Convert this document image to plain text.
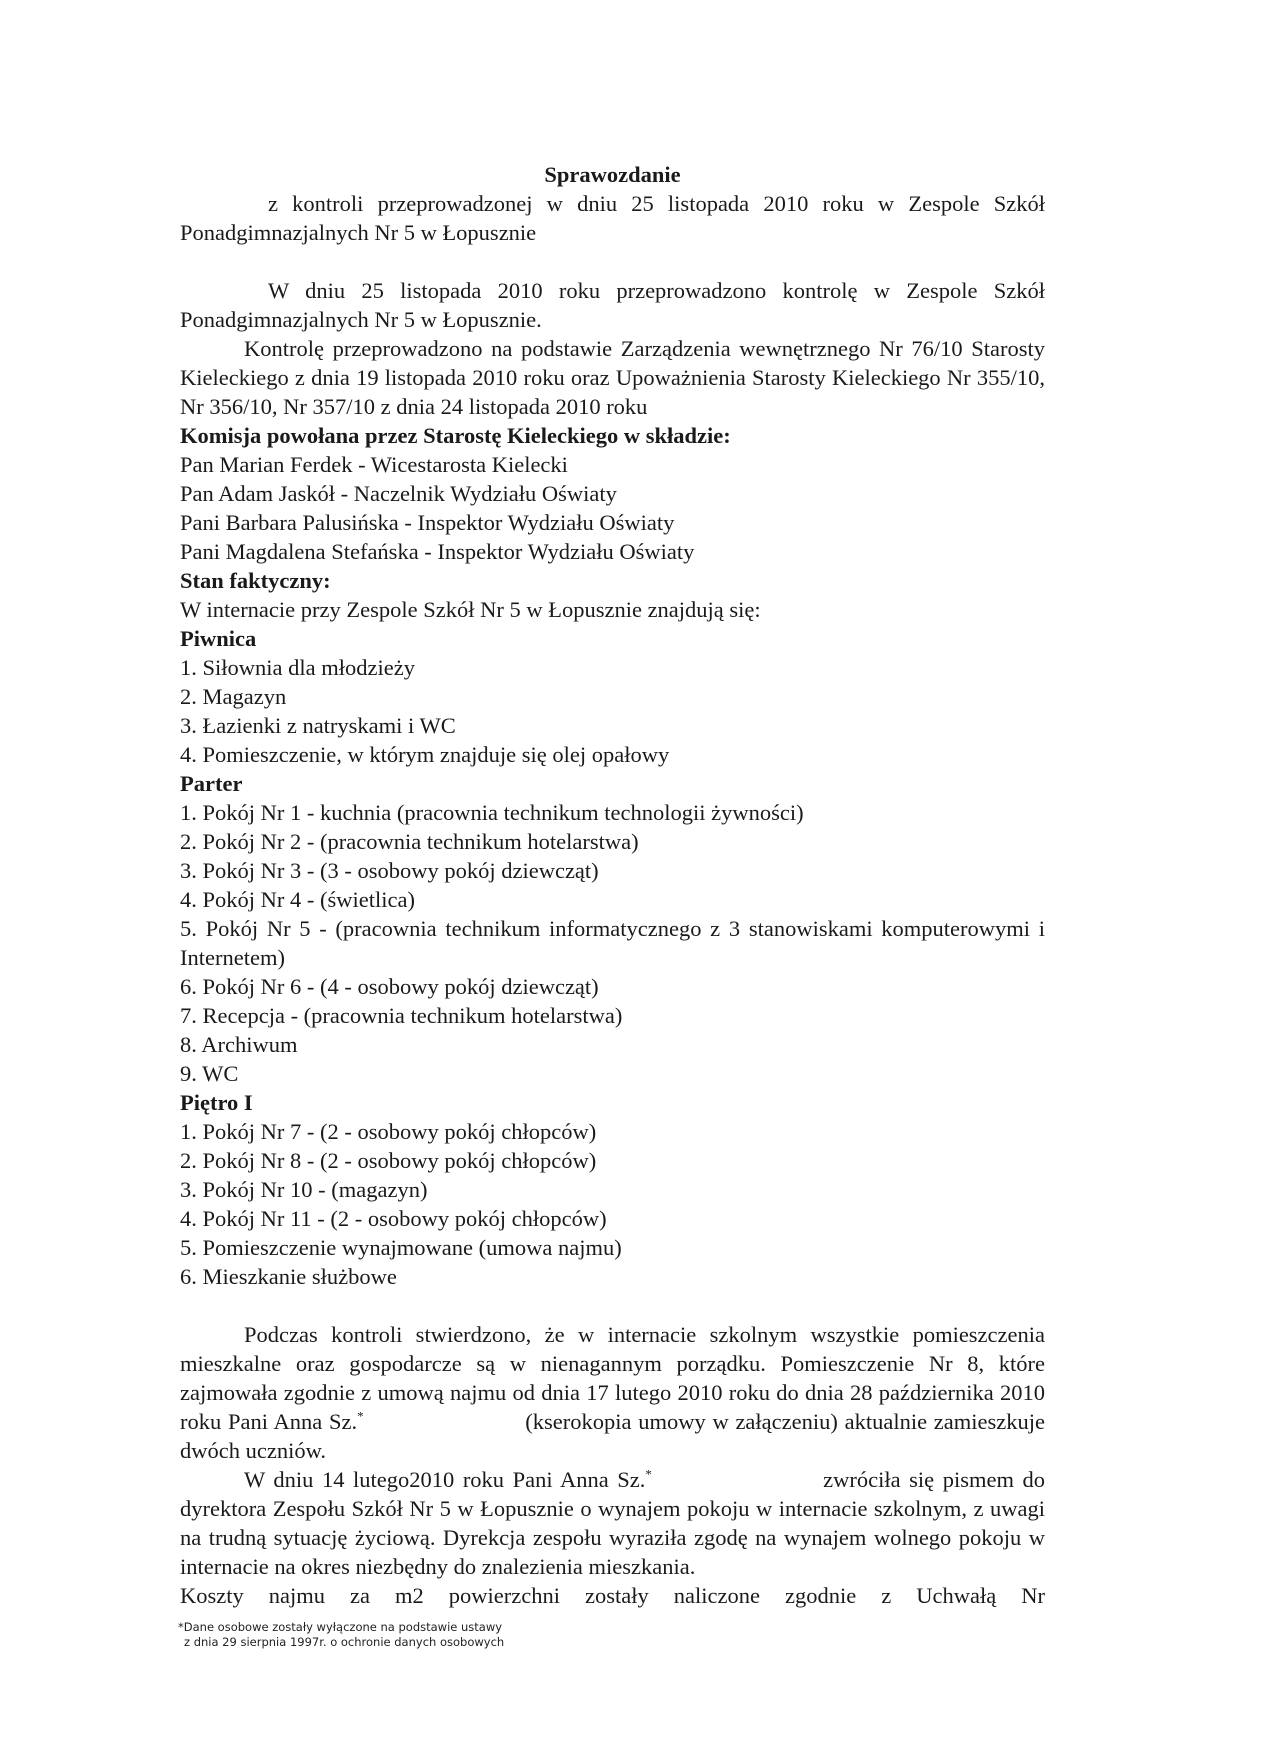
Sprawozdanie

z kontroli przeprowadzonej w dniu 25 listopada 2010 roku w Zespole Szkół

Ponadgimnazjalnych Nr 5 w Łopusznie

W dniu 25 listopada 2010 roku przeprowadzono kontrolę w Zespole Szkół Ponadgimnazjalnych Nr 5 w Łopusznie.

Kontrolę przeprowadzono na podstawie Zarządzenia wewnętrznego Nr 76/10 Starosty Kieleckiego z dnia 19 listopada 2010 roku oraz Upoważnienia Starosty Kieleckiego Nr 355/10, Nr 356/10, Nr 357/10 z dnia 24 listopada 2010 roku

Komisja powołana przez Starostę Kieleckiego w składzie:

Pan Marian Ferdek - Wicestarosta Kielecki

Pan Adam Jaskół - Naczelnik Wydziału Oświaty

Pani Barbara Palusińska - Inspektor Wydziału Oświaty

Pani Magdalena Stefańska - Inspektor Wydziału Oświaty

Stan faktyczny:

W internacie przy Zespole Szkół Nr 5 w Łopusznie znajdują się:

Piwnica

1. Siłownia dla młodzieży

2. Magazyn

3. Łazienki z natryskami i WC

4. Pomieszczenie, w którym znajduje się olej opałowy

Parter

1. Pokój Nr 1 - kuchnia (pracownia technikum technologii żywności)

2. Pokój Nr 2 - (pracownia technikum hotelarstwa)

3. Pokój Nr 3 - (3 - osobowy pokój dziewcząt)

4. Pokój Nr 4 - (świetlica)

5. Pokój Nr 5 - (pracownia technikum informatycznego z 3 stanowiskami komputerowymi i Internetem)

6. Pokój Nr 6 - (4 - osobowy pokój dziewcząt)

7. Recepcja - (pracownia technikum hotelarstwa)

8. Archiwum

9. WC

Piętro I

1. Pokój Nr 7 - (2 - osobowy pokój chłopców)

2. Pokój Nr 8 - (2 - osobowy pokój chłopców)

3. Pokój Nr 10 - (magazyn)

4. Pokój Nr 11 - (2 - osobowy pokój chłopców)

5. Pomieszczenie wynajmowane (umowa najmu)

6. Mieszkanie służbowe

Podczas kontroli stwierdzono, że w internacie szkolnym wszystkie pomieszczenia mieszkalne oraz gospodarcze są w nienagannym porządku. Pomieszczenie Nr 8, które zajmowała zgodnie z umową najmu od dnia 17 lutego 2010 roku do dnia 28 października 2010 roku Pani Anna Sz.*	(kserokopia umowy w załączeniu) aktualnie zamieszkuje dwóch uczniów.

W dniu 14 lutego2010 roku Pani Anna Sz.*	zwróciła się pismem do dyrektora Zespołu Szkół Nr 5 w Łopusznie o wynajem pokoju w internacie szkolnym, z uwagi na trudną sytuację życiową. Dyrekcja zespołu wyraziła zgodę na wynajem wolnego pokoju w internacie na okres niezbędny do znalezienia mieszkania.

Koszty najmu za m2 powierzchni zostały naliczone zgodnie z Uchwałą Nr

*Dane osobowe zostały wyłączone na podstawie ustawy
z dnia 29 sierpnia 1997r. o ochronie danych osobowych
